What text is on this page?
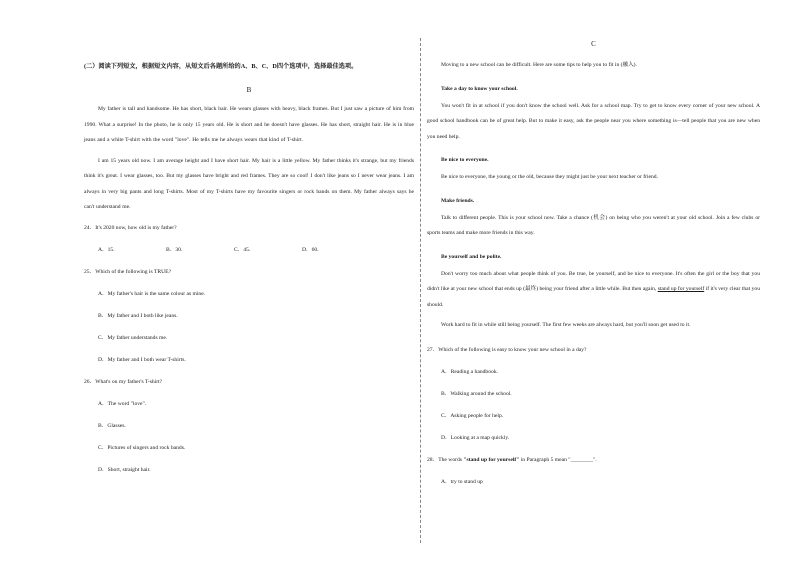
(二）阅读下列短文，根据短文内容，从短文后各题所给的A、B、C、D四个选项中，选择最佳选项。

B

My father is tall and handsome. He has short, black hair. He wears glasses with heavy, black frames. But I just saw a picture of him from 1990. What a surprise! In the photo, he is only 15 years old. He is short and he doesn't have glasses. He has short, straight hair. He is in blue jeans and a white T-shirt with the word "love". He tells me he always wears that kind of T-shirt.

I am 15 years old now. I am average height and I have short hair. My hair is a little yellow. My father thinks it's strange, but my friends think it's great. I wear glasses, too. But my glasses have bright and red frames. They are so cool! I don't like jeans so I never wear jeans. I am always in very big pants and long T-shirts. Most of my T-shirts have my favourite singers or rock bands on them. My father always says he can't understand me.

24．It's 2020 now, how old is my father?

A．15.	B．30.	C．45.	D．60.

25．Which of the following is TRUE?

A．My father's hair is the same colour as mine.

B．My father and I both like jeans.

C．My father understands me.

D．My father and I both wear T-shirts.

26．What's on my father's T-shirt?

A．The word "love".

B．Glasses.

C．Pictures of singers and rock bands.

D．Short, straight hair.

C

Moving to a new school can be difficult. Here are some tips to help you to fit in (融入).

Take a day to know your school.

You won't fit in at school if you don't know the school well. Ask for a school map. Try to get to know every corner of your new school. A good school handbook can be of great help. But to make it easy, ask the people near you where something is—tell people that you are new when you need help.

Be nice to everyone.

Be nice to everyone, the young or the old, because they might just be your next teacher or friend.

Make friends.

Talk to different people. This is your school now. Take a chance (机会) on being who you weren't at your old school. Join a few clubs or sports teams and make more friends in this way.

Be yourself and be polite.

Don't worry too much about what people think of you. Be true, be yourself, and be nice to everyone. It's often the girl or the boy that you didn't like at your new school that ends up (最终) being your friend after a little while. But then again, stand up for yourself if it's very clear that you should.

Work hard to fit in while still being yourself. The first few weeks are always hard, but you'll soon get used to it.

27．Which of the following is easy to know your new school in a day?

A．Reading a handbook.

B．Walking around the school.

C．Asking people for help.

D．Looking at a map quickly.

28．The words "stand up for yourself" in Paragraph 5 mean "________".

A．try to stand up
